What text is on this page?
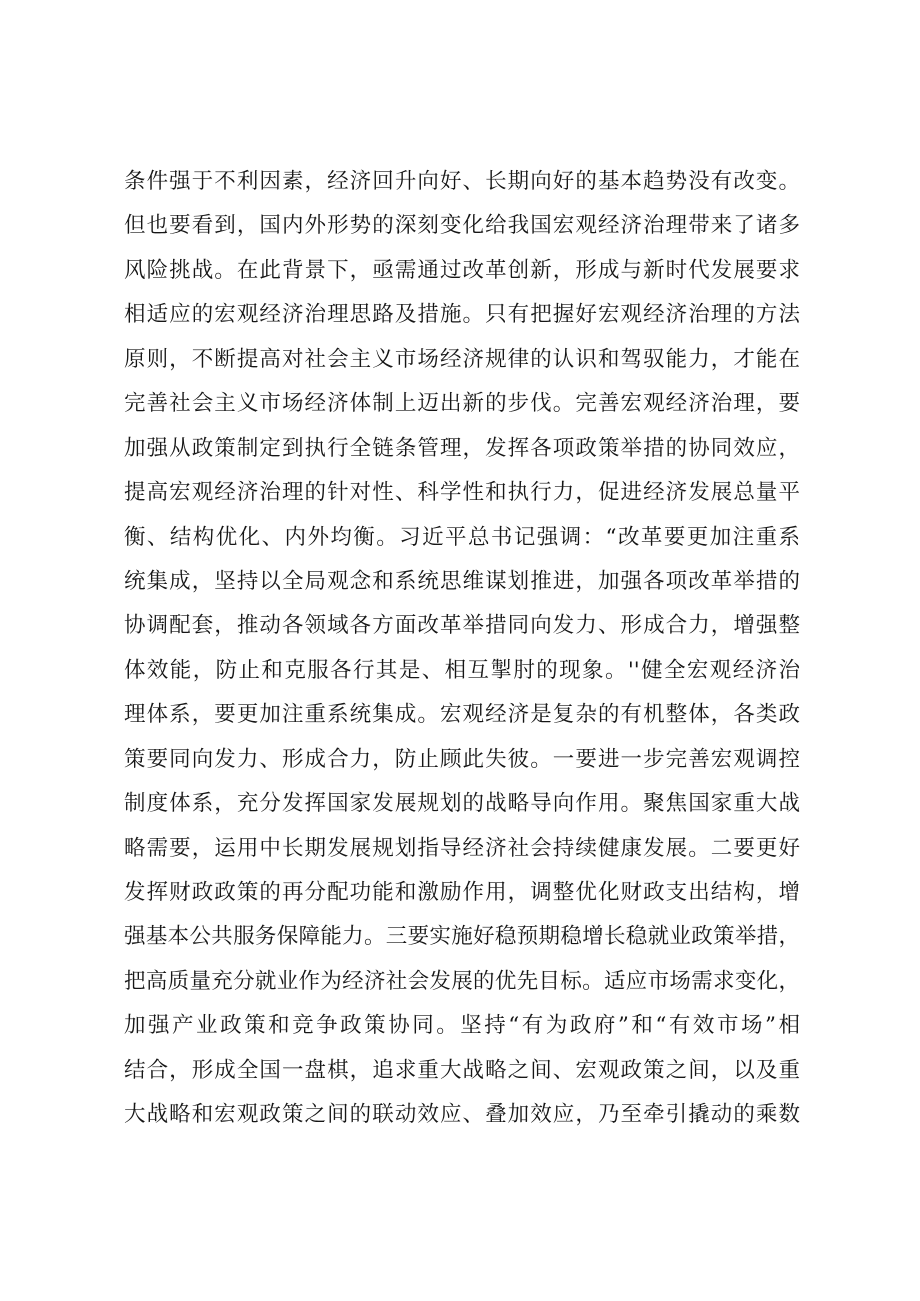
条件强于不利因素，经济回升向好、长期向好的基本趋势没有改变。
但也要看到，国内外形势的深刻变化给我国宏观经济治理带来了诸多
风险挑战。在此背景下，亟需通过改革创新，形成与新时代发展要求
相适应的宏观经济治理思路及措施。只有把握好宏观经济治理的方法
原则，不断提高对社会主义市场经济规律的认识和驾驭能力，才能在
完善社会主义市场经济体制上迈出新的步伐。完善宏观经济治理，要
加强从政策制定到执行全链条管理，发挥各项政策举措的协同效应，
提高宏观经济治理的针对性、科学性和执行力，促进经济发展总量平
衡、结构优化、内外均衡。习近平总书记强调：“改革要更加注重系
统集成，坚持以全局观念和系统思维谋划推进，加强各项改革举措的
协调配套，推动各领域各方面改革举措同向发力、形成合力，增强整
体效能，防止和克服各行其是、相互掣肘的现象。''健全宏观经济治
理体系，要更加注重系统集成。宏观经济是复杂的有机整体，各类政
策要同向发力、形成合力，防止顾此失彼。一要进一步完善宏观调控
制度体系，充分发挥国家发展规划的战略导向作用。聚焦国家重大战
略需要，运用中长期发展规划指导经济社会持续健康发展。二要更好
发挥财政政策的再分配功能和激励作用，调整优化财政支出结构，增
强基本公共服务保障能力。三要实施好稳预期稳增长稳就业政策举措，
把高质量充分就业作为经济社会发展的优先目标。适应市场需求变化，
加强产业政策和竞争政策协同。坚持“有为政府”和“有效市场”相
结合，形成全国一盘棋，追求重大战略之间、宏观政策之间，以及重
大战略和宏观政策之间的联动效应、叠加效应，乃至牵引撬动的乘数
